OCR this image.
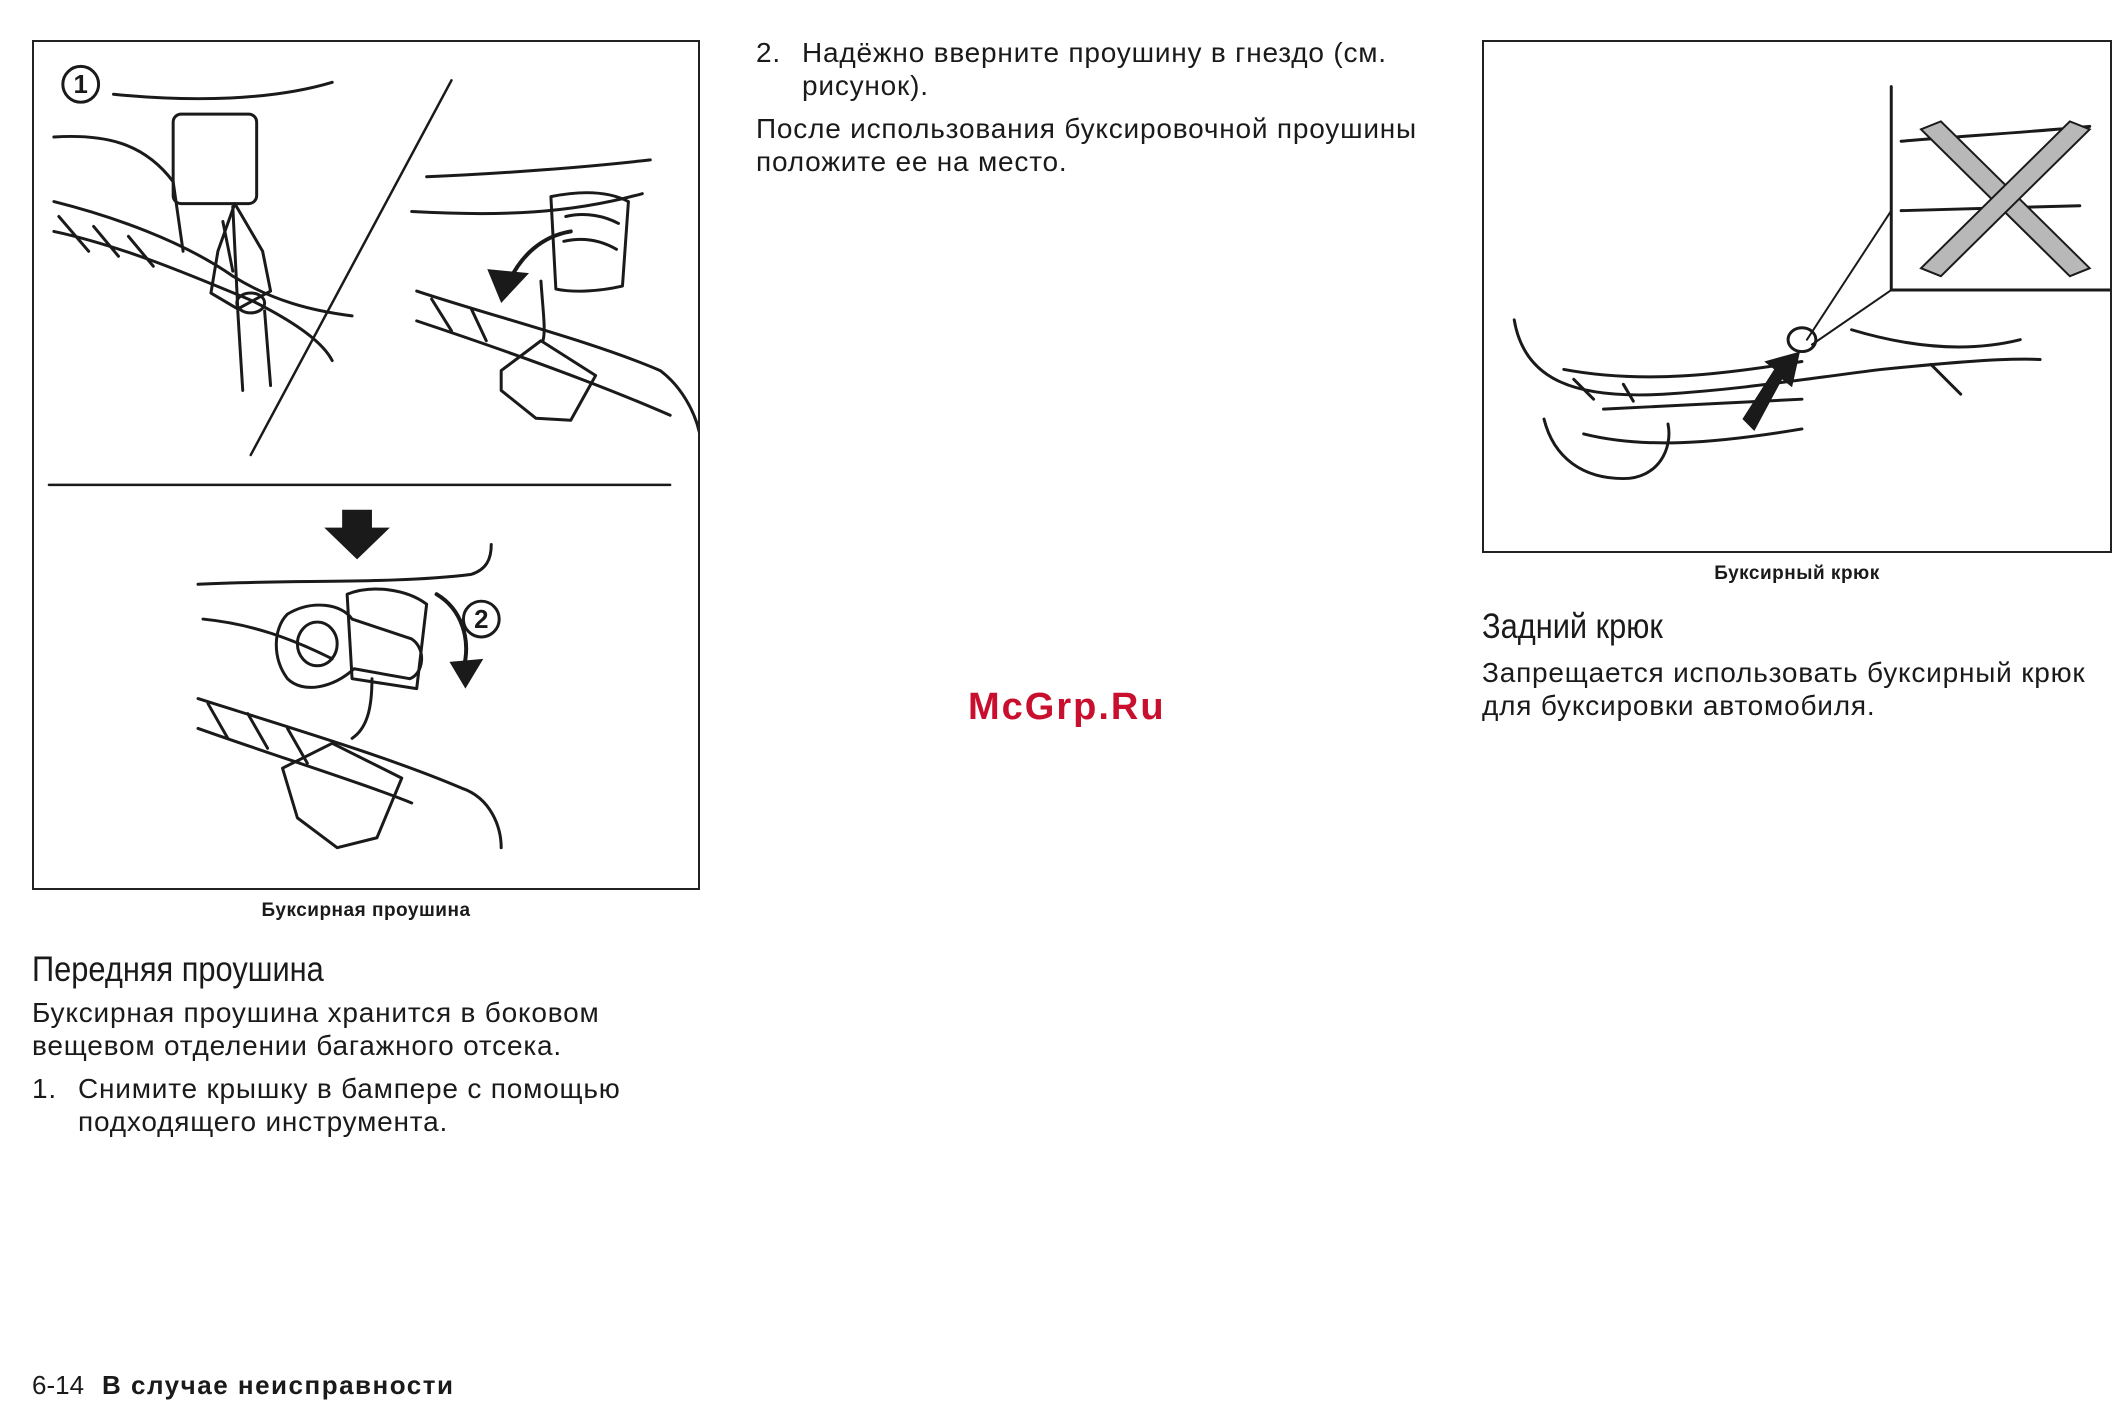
1
2
Буксирная проушина
Буксирный крюк
Передняя проушина
Буксирная проушина хранится в боковом вещевом отделении багажного отсека.
1. Снимите крышку в бампере с помощью подходящего инструмента.
2. Надёжно вверните проушину в гнездо (см. рисунок).
После использования буксировочной проушины положите ее на место.
McGrp.Ru
Задний крюк
Запрещается использовать буксирный крюк для буксировки автомобиля.
6-14 В случае неисправности
